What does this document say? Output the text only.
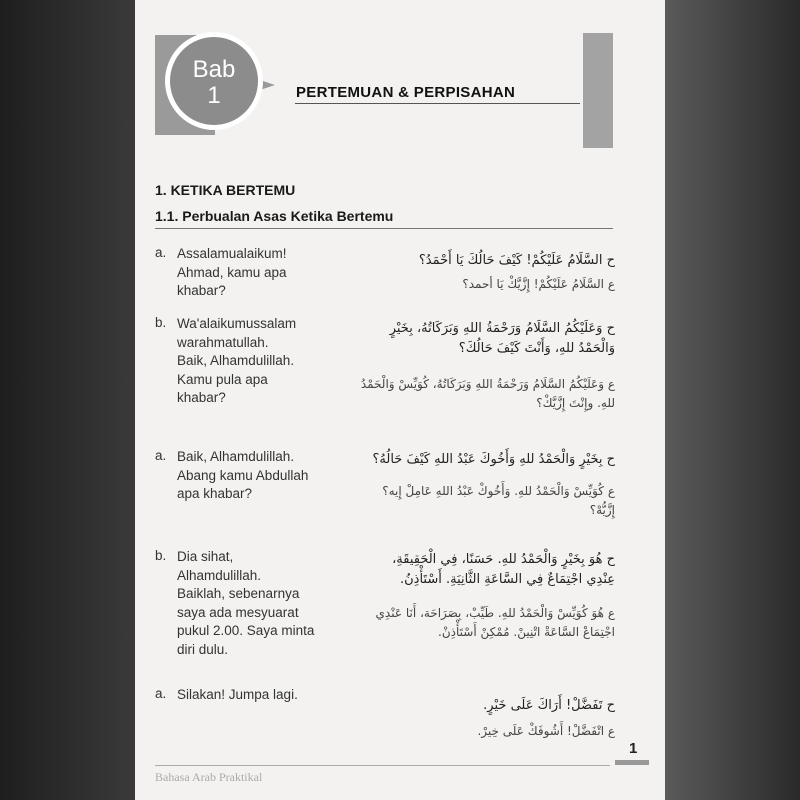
Bab
1	PERTEMUAN & PERPISAHAN
1. KETIKA BERTEMU
1.1. Perbualan Asas Ketika Bertemu
a. Assalamualaikum!
Ahmad, kamu apa
khabar?
ح السَّلَامُ عَلَيْكُمْ! كَيْفَ حَالُكَ يَا أَحْمَدُ؟
ع السَّلَامُ عَلَيْكُمْ! إِزَّيَّكْ يَا أحمد؟
b. Wa'alaikumussalam
warahmatullah.
Baik, Alhamdulillah.
Kamu pula apa
khabar?
ح وَعَلَيْكُمُ السَّلَامُ وَرَحْمَةُ اللهِ وَبَرَكَاتُهُ، بِخَيْرٍ وَالْحَمْدُ للهِ، وَأَنْتَ كَيْفَ حَالُكَ؟
ع وَعَلَيْكُمُ السَّلَامُ وَرَحْمَةُ اللهِ وَبَرَكَاتُهُ، كُوَيِّسْ وَالْحَمْدُ للهِ. وإِنْتَ إِزَّيَّكْ؟
a. Baik, Alhamdulillah.
Abang kamu Abdullah
apa khabar?
ح بِخَيْرٍ وَالْحَمْدُ للهِ وَأَخُوكَ عَبْدُ اللهِ كَيْفَ حَالُهُ؟
ع كُوَيِّسْ وَالْحَمْدُ للهِ. وَأَخُوكْ عَبْدُ اللهِ عَامِلْ إِيه؟ إِزَّيُّهْ؟
b. Dia sihat,
Alhamdulillah.
Baiklah, sebenarnya
saya ada mesyuarat
pukul 2.00. Saya minta
diri dulu.
ح هُوَ بِخَيْرٍ وَالْحَمْدُ للهِ. حَسَنًا، فِي الْحَقِيقَةِ، عِنْدِي اجْتِمَاعٌ فِي السَّاعَةِ الثَّانِيَةِ. أَسْتَأْذِنُ.
ع هُوَ كُوَيِّسْ وَالْحَمْدُ للهِ. طَيِّبْ، بِصَرَاحَة، أَنَا عَنْدِي اجْتِمَاعْ السَّاعَةْ اتْنِينْ. مُمْكِنْ أَسْتَأْذِنْ.
a. Silakan! Jumpa lagi.
ح تَفَضَّلْ! أَرَاكَ عَلَى خَيْرٍ.
ع اتْفَضَّلْ! أَشُوفَكْ عَلَى خِيرْ.
1
Bahasa Arab Praktikal
